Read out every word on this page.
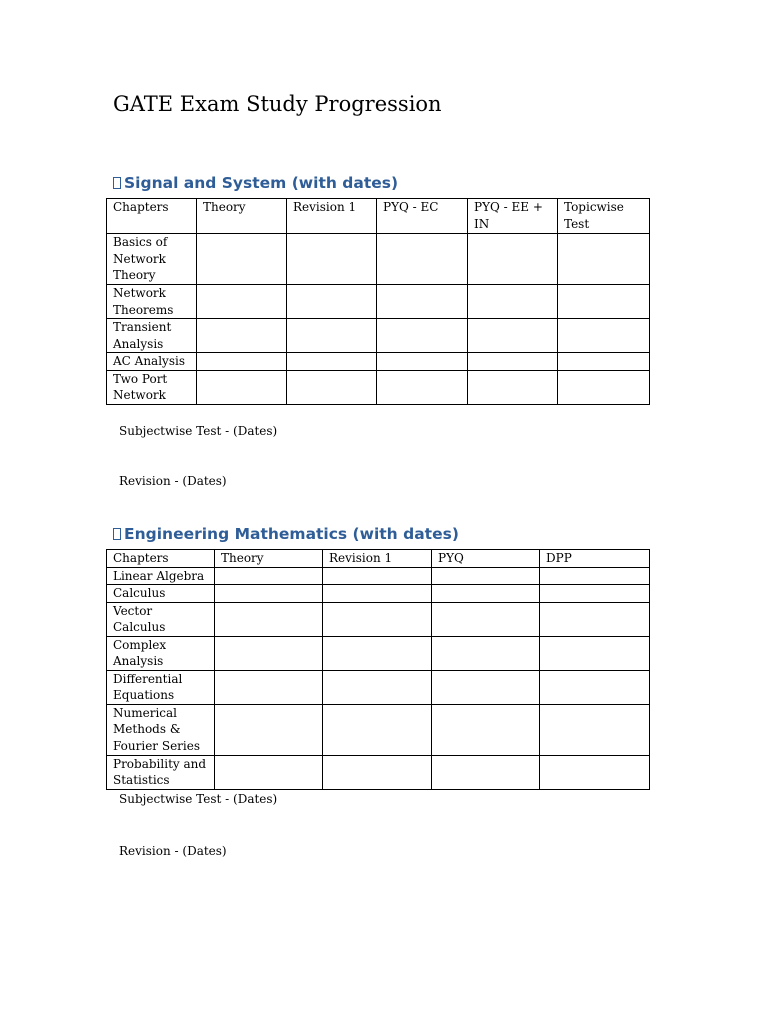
GATE Exam Study Progression
Signal and System (with dates)
Chapters	Theory	Revision 1	PYQ - EC	PYQ - EE + IN	Topicwise Test
Basics of Network Theory					
Network Theorems					
Transient Analysis					
AC Analysis					
Two Port Network					
Subjectwise Test - (Dates)
Revision - (Dates)
Engineering Mathematics (with dates)
Chapters	Theory	Revision 1	PYQ	DPP
Linear Algebra				
Calculus				
Vector Calculus				
Complex Analysis				
Differential Equations				
Numerical Methods & Fourier Series				
Probability and Statistics				
Subjectwise Test - (Dates)
Revision - (Dates)
